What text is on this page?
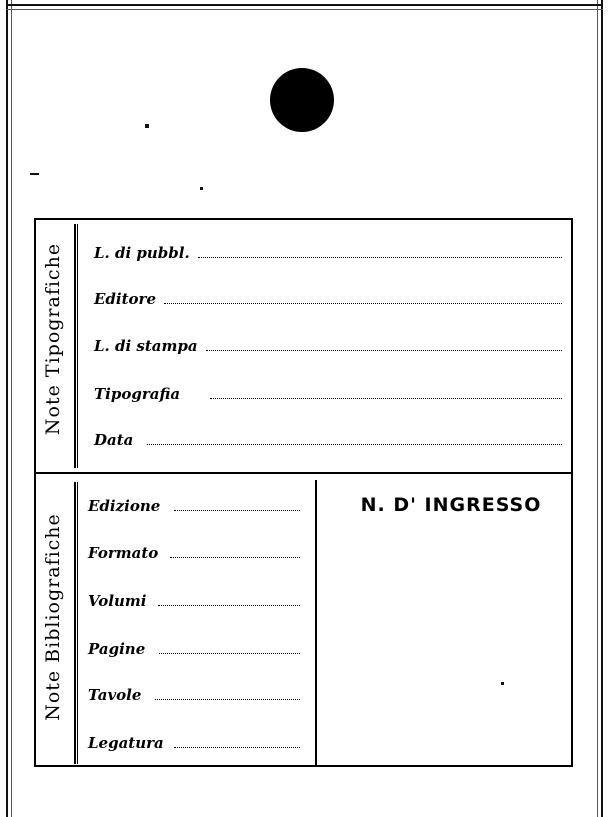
Note Tipografiche
Note Bibliografiche
L. di pubbl.
Editore
L. di stampa
Tipografia
Data
Edizione
Formato
Volumi
Pagine
Tavole
Legatura
N. D' INGRESSO
